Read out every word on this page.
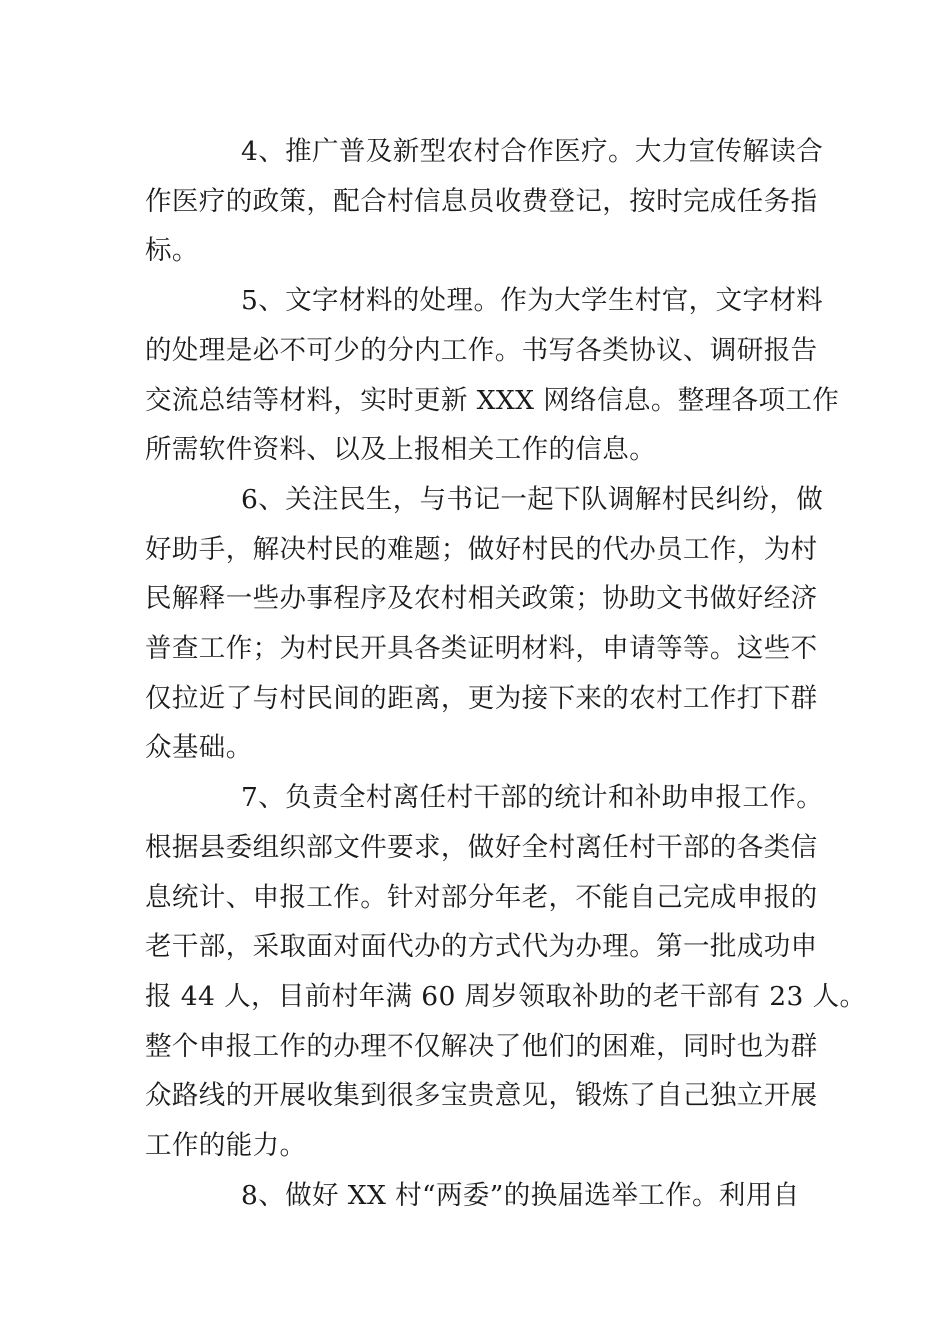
4、推广普及新型农村合作医疗。大力宣传解读合
作医疗的政策，配合村信息员收费登记，按时完成任务指
标。
5、文字材料的处理。作为大学生村官，文字材料
的处理是必不可少的分内工作。书写各类协议、调研报告
交流总结等材料，实时更新 XXX 网络信息。整理各项工作
所需软件资料、以及上报相关工作的信息。
6、关注民生，与书记一起下队调解村民纠纷，做
好助手，解决村民的难题；做好村民的代办员工作，为村
民解释一些办事程序及农村相关政策；协助文书做好经济
普查工作；为村民开具各类证明材料，申请等等。这些不
仅拉近了与村民间的距离，更为接下来的农村工作打下群
众基础。
7、负责全村离任村干部的统计和补助申报工作。
根据县委组织部文件要求，做好全村离任村干部的各类信
息统计、申报工作。针对部分年老，不能自己完成申报的
老干部，采取面对面代办的方式代为办理。第一批成功申
报 44 人，目前村年满 60 周岁领取补助的老干部有 23 人。
整个申报工作的办理不仅解决了他们的困难，同时也为群
众路线的开展收集到很多宝贵意见，锻炼了自己独立开展
工作的能力。
8、做好 XX 村“两委”的换届选举工作。利用自
